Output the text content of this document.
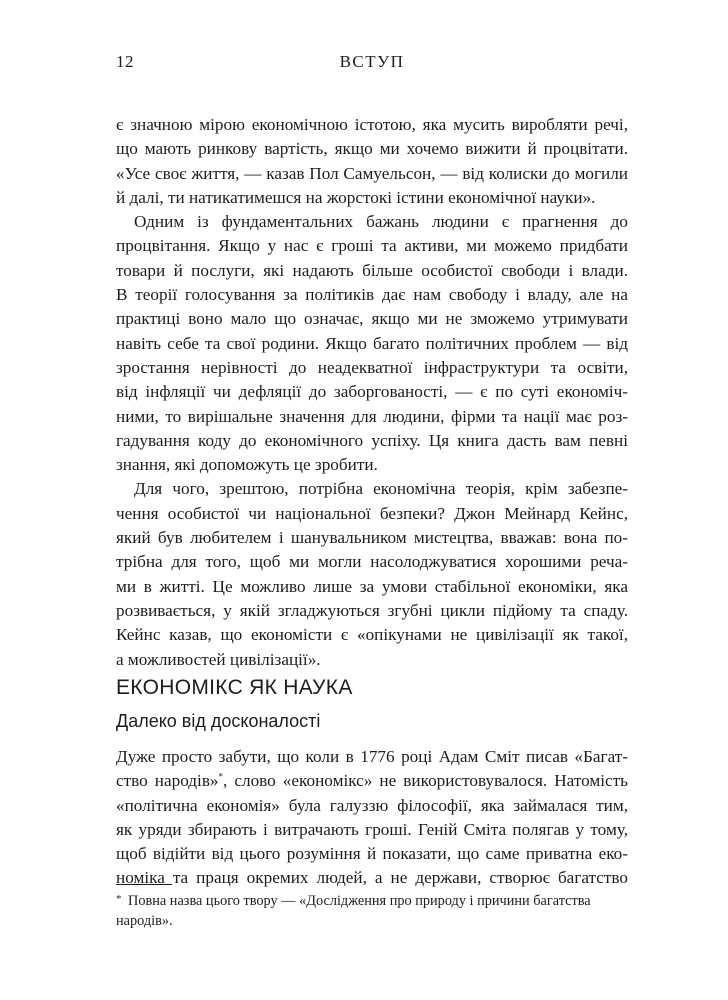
12	ВСТУП
є значною мірою економічною істотою, яка мусить виробляти речі,
що мають ринкову вартість, якщо ми хочемо вижити й процвітати.
«Усе своє життя, — казав Пол Самуельсон, — від колиски до могили
й далі, ти натикатимешся на жорстокі істини економічної науки».
Одним із фундаментальних бажань людини є прагнення до
процвітання. Якщо у нас є гроші та активи, ми можемо придбати
товари й послуги, які надають більше особистої свободи і влади.
В теорії голосування за політиків дає нам свободу і владу, але на
практиці воно мало що означає, якщо ми не зможемо утримувати
навіть себе та свої родини. Якщо багато політичних проблем — від
зростання нерівності до неадекватної інфраструктури та освіти,
від інфляції чи дефляції до заборгованості, — є по суті економіч-
ними, то вирішальне значення для людини, фірми та нації має роз-
гадування коду до економічного успіху. Ця книга дасть вам певні
знання, які допоможуть це зробити.
Для чого, зрештою, потрібна економічна теорія, крім забезпе-
чення особистої чи національної безпеки? Джон Мейнард Кейнс,
який був любителем і шанувальником мистецтва, вважав: вона по-
трібна для того, щоб ми могли насолоджуватися хорошими реча-
ми в житті. Це можливо лише за умови стабільної економіки, яка
розвивається, у якій згладжуються згубні цикли підйому та спаду.
Кейнс казав, що економісти є «опікунами не цивілізації як такої,
а можливостей цивілізації».
ЕКОНОМІКС ЯК НАУКА
Далеко від досконалості
Дуже просто забути, що коли в 1776 році Адам Сміт писав «Багат-
ство народів»*, слово «економікс» не використовувалося. Натомість
«політична економія» була галуззю філософії, яка займалася тим,
як уряди збирають і витрачають гроші. Геній Сміта полягав у тому,
щоб відійти від цього розуміння й показати, що саме приватна еко-
номіка та праця окремих людей, а не держави, створює багатство
* Повна назва цього твору — «Дослідження про природу і причини багатства
народів».
